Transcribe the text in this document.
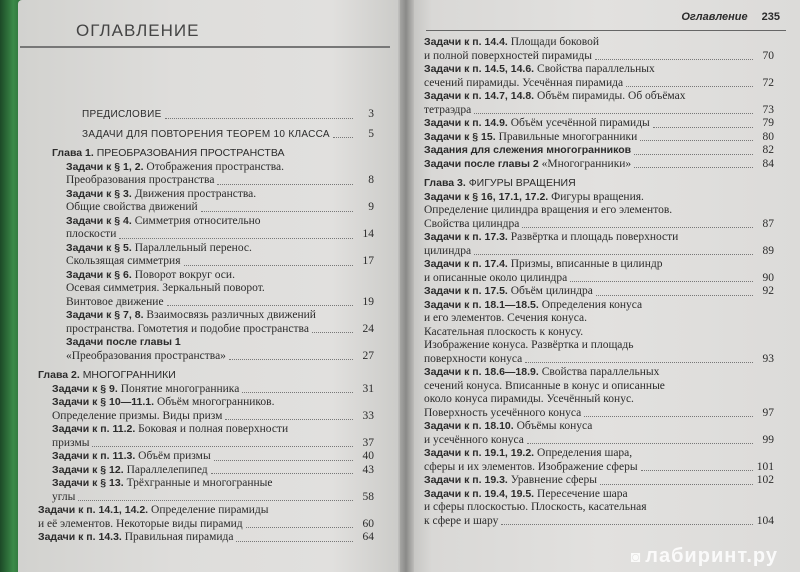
ОГЛАВЛЕНИЕ
ПРЕДИСЛОВИЕ	3
ЗАДАЧИ ДЛЯ ПОВТОРЕНИЯ ТЕОРЕМ 10 КЛАССА	5
Глава 1. ПРЕОБРАЗОВАНИЯ ПРОСТРАНСТВА
Задачи к § 1, 2. Отображения пространства.
Преобразования пространства	8
Задачи к § 3. Движения пространства.
Общие свойства движений	9
Задачи к § 4. Симметрия относительно
плоскости	14
Задачи к § 5. Параллельный перенос.
Скользящая симметрия	17
Задачи к § 6. Поворот вокруг оси.
Осевая симметрия. Зеркальный поворот.
Винтовое движение	19
Задачи к § 7, 8. Взаимосвязь различных движений
пространства. Гомотетия и подобие пространства	24
Задачи после главы 1
«Преобразования пространства»	27
Глава 2. МНОГОГРАННИКИ
Задачи к § 9. Понятие многогранника	31
Задачи к § 10—11.1. Объём многогранников.
Определение призмы. Виды призм	33
Задачи к п. 11.2. Боковая и полная поверхности
призмы	37
Задачи к п. 11.3. Объём призмы	40
Задачи к § 12. Параллелепипед	43
Задачи к § 13. Трёхгранные и многогранные
углы	58
Задачи к п. 14.1, 14.2. Определение пирамиды
и её элементов. Некоторые виды пирамид	60
Задачи к п. 14.3. Правильная пирамида	64
Оглавление 235
Задачи к п. 14.4. Площади боковой
и полной поверхностей пирамиды	70
Задачи к п. 14.5, 14.6. Свойства параллельных
сечений пирамиды. Усечённая пирамида	72
Задачи к п. 14.7, 14.8. Объём пирамиды. Об объёмах
тетраэдра	73
Задачи к п. 14.9. Объём усечённой пирамиды	79
Задачи к § 15. Правильные многогранники	80
Задания для слежения многогранников	82
Задачи после главы 2 «Многогранники»	84
Глава 3. ФИГУРЫ ВРАЩЕНИЯ
Задачи к § 16, 17.1, 17.2. Фигуры вращения.
Определение цилиндра вращения и его элементов.
Свойства цилиндра	87
Задачи к п. 17.3. Развёртка и площадь поверхности
цилиндра	89
Задачи к п. 17.4. Призмы, вписанные в цилиндр
и описанные около цилиндра	90
Задачи к п. 17.5. Объём цилиндра	92
Задачи к п. 18.1—18.5. Определения конуса
и его элементов. Сечения конуса.
Касательная плоскость к конусу.
Изображение конуса. Развёртка и площадь
поверхности конуса	93
Задачи к п. 18.6—18.9. Свойства параллельных
сечений конуса. Вписанные в конус и описанные
около конуса пирамиды. Усечённый конус.
Поверхность усечённого конуса	97
Задачи к п. 18.10. Объёмы конуса
и усечённого конуса	99
Задачи к п. 19.1, 19.2. Определения шара,
сферы и их элементов. Изображение сферы	101
Задачи к п. 19.3. Уравнение сферы	102
Задачи к п. 19.4, 19.5. Пересечение шара
и сферы плоскостью. Плоскость, касательная
к сфере и шару	104
◙ лабиринт.ру
